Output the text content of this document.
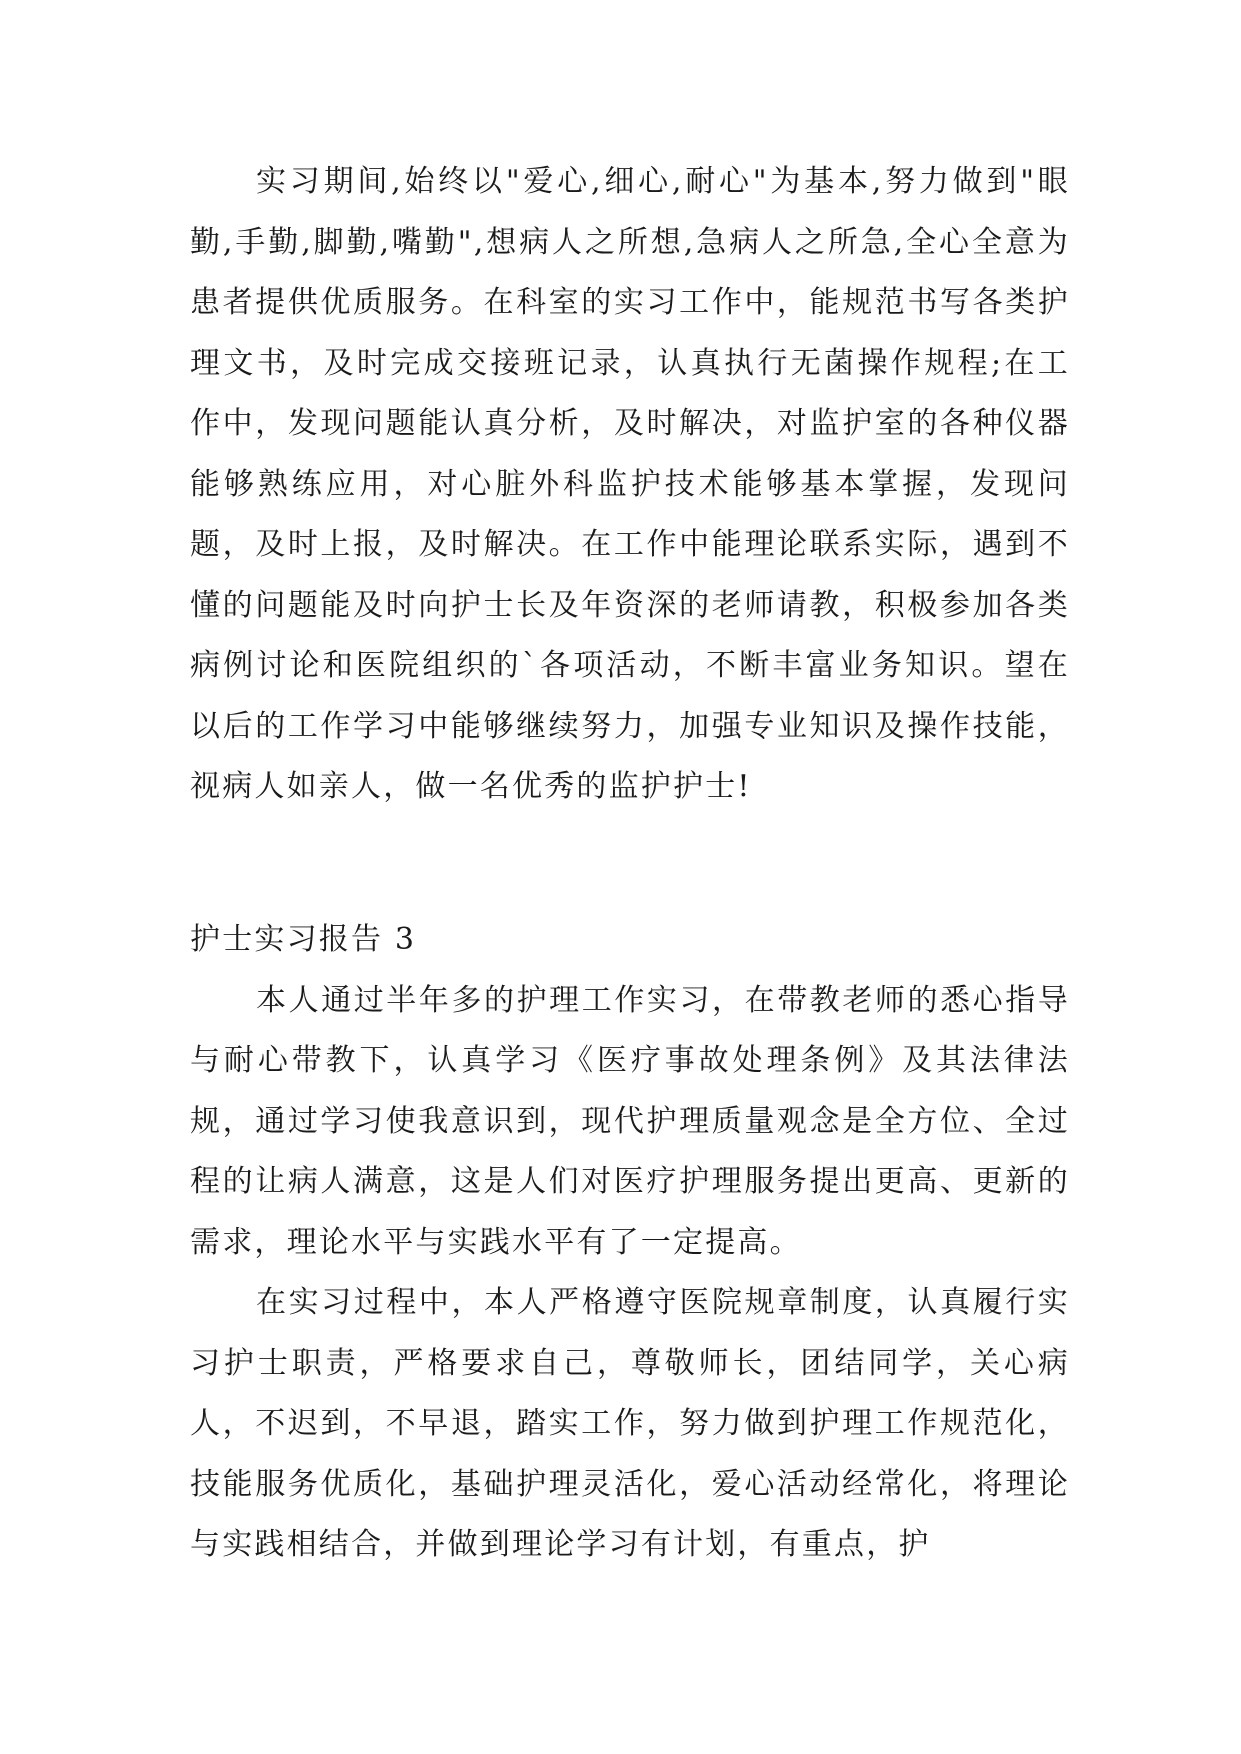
实习期间,始终以"爱心,细心,耐心"为基本,努力做到"眼勤,手勤,脚勤,嘴勤",想病人之所想,急病人之所急,全心全意为患者提供优质服务。在科室的实习工作中，能规范书写各类护理文书，及时完成交接班记录，认真执行无菌操作规程;在工作中，发现问题能认真分析，及时解决，对监护室的各种仪器能够熟练应用，对心脏外科监护技术能够基本掌握，发现问题，及时上报，及时解决。在工作中能理论联系实际，遇到不懂的问题能及时向护士长及年资深的老师请教，积极参加各类病例讨论和医院组织的`各项活动，不断丰富业务知识。望在以后的工作学习中能够继续努力，加强专业知识及操作技能，视病人如亲人，做一名优秀的监护护士!

护士实习报告 3

本人通过半年多的护理工作实习，在带教老师的悉心指导与耐心带教下，认真学习《医疗事故处理条例》及其法律法规，通过学习使我意识到，现代护理质量观念是全方位、全过程的让病人满意，这是人们对医疗护理服务提出更高、更新的需求，理论水平与实践水平有了一定提高。

在实习过程中，本人严格遵守医院规章制度，认真履行实习护士职责，严格要求自己，尊敬师长，团结同学，关心病人，不迟到，不早退，踏实工作，努力做到护理工作规范化，技能服务优质化，基础护理灵活化，爱心活动经常化，将理论与实践相结合，并做到理论学习有计划，有重点，护
